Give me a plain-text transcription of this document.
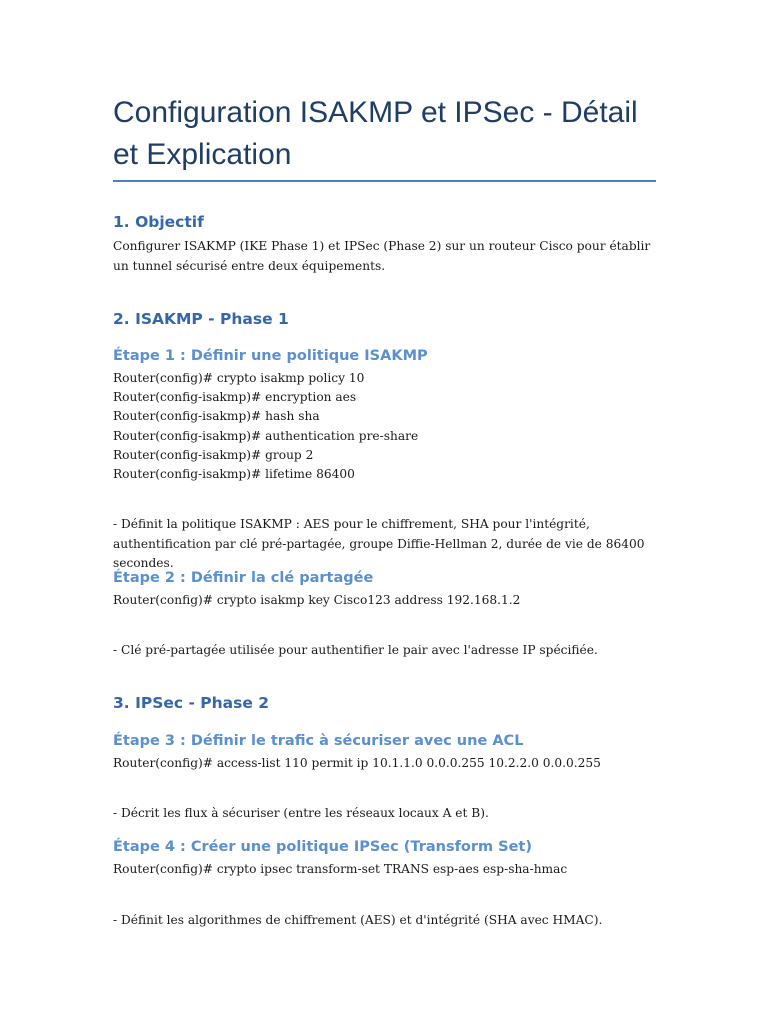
Configuration ISAKMP et IPSec - Détail et Explication
1. Objectif

Configurer ISAKMP (IKE Phase 1) et IPSec (Phase 2) sur un routeur Cisco pour établir un tunnel sécurisé entre deux équipements.

2. ISAKMP - Phase 1
Étape 1 : Définir une politique ISAKMP
Router(config)# crypto isakmp policy 10
Router(config-isakmp)# encryption aes
Router(config-isakmp)# hash sha
Router(config-isakmp)# authentication pre-share
Router(config-isakmp)# group 2
Router(config-isakmp)# lifetime 86400

- Définit la politique ISAKMP : AES pour le chiffrement, SHA pour l'intégrité, authentification par clé pré-partagée, groupe Diffie-Hellman 2, durée de vie de 86400 secondes.

Étape 2 : Définir la clé partagée
Router(config)# crypto isakmp key Cisco123 address 192.168.1.2

- Clé pré-partagée utilisée pour authentifier le pair avec l'adresse IP spécifiée.

3. IPSec - Phase 2
Étape 3 : Définir le trafic à sécuriser avec une ACL
Router(config)# access-list 110 permit ip 10.1.1.0 0.0.0.255 10.2.2.0 0.0.0.255

- Décrit les flux à sécuriser (entre les réseaux locaux A et B).

Étape 4 : Créer une politique IPSec (Transform Set)
Router(config)# crypto ipsec transform-set TRANS esp-aes esp-sha-hmac

- Définit les algorithmes de chiffrement (AES) et d'intégrité (SHA avec HMAC).
